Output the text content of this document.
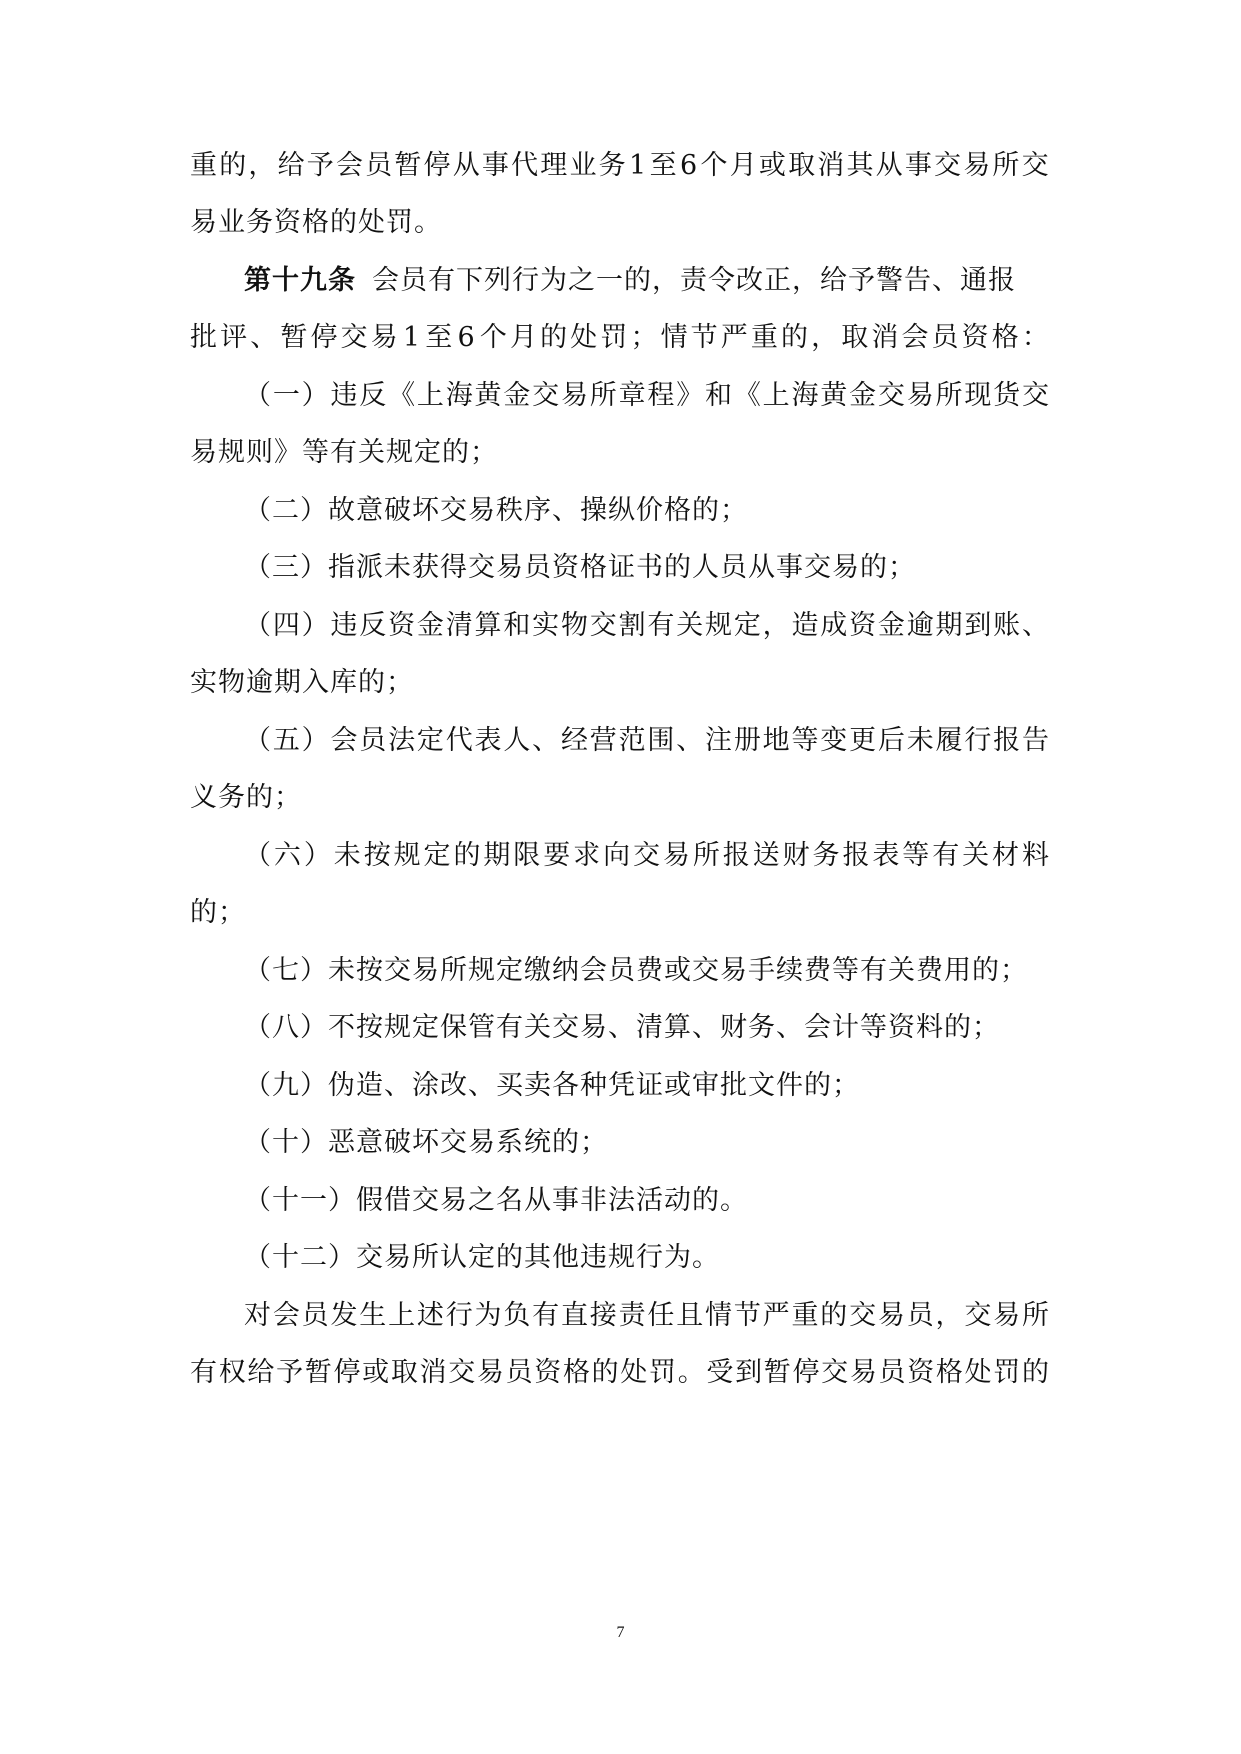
重 的 ， 给 予 会 员 暂 停 从 事 代 理 业 务 1 至 6 个 月 或 取 消 其 从 事 交 易 所 交
易业务资格的处罚。
第十九条 会员有下列行为之一的，责令改正，给予警告、通报
批 评 、 暂 停 交 易 1 至 6 个 月 的 处 罚 ； 情 节 严 重 的 ， 取 消 会 员 资 格 ：
（ 一 ） 违 反 《 上 海 黄 金 交 易 所 章 程 》 和 《 上 海 黄 金 交 易 所 现 货 交
易规则》等有关规定的；
（二）故意破坏交易秩序、操纵价格的；
（三）指派未获得交易员资格证书的人员从事交易的；
（ 四 ） 违 反 资 金 清 算 和 实 物 交 割 有 关 规 定 ， 造 成 资 金 逾 期 到 账 、
实物逾期入库的；
（ 五 ） 会 员 法 定 代 表 人 、 经 营 范 围 、 注 册 地 等 变 更 后 未 履 行 报 告
义务的；
（ 六 ） 未 按 规 定 的 期 限 要 求 向 交 易 所 报 送 财 务 报 表 等 有 关 材 料
的；
（七）未按交易所规定缴纳会员费或交易手续费等有关费用的；
（八）不按规定保管有关交易、清算、财务、会计等资料的；
（九）伪造、涂改、买卖各种凭证或审批文件的；
（十）恶意破坏交易系统的；
（十一）假借交易之名从事非法活动的。
（十二）交易所认定的其他违规行为。
对 会 员 发 生 上 述 行 为 负 有 直 接 责 任 且 情 节 严 重 的 交 易 员 ， 交 易 所
有 权 给 予 暂 停 或 取 消 交 易 员 资 格 的 处 罚 。 受 到 暂 停 交 易 员 资 格 处 罚 的
7
